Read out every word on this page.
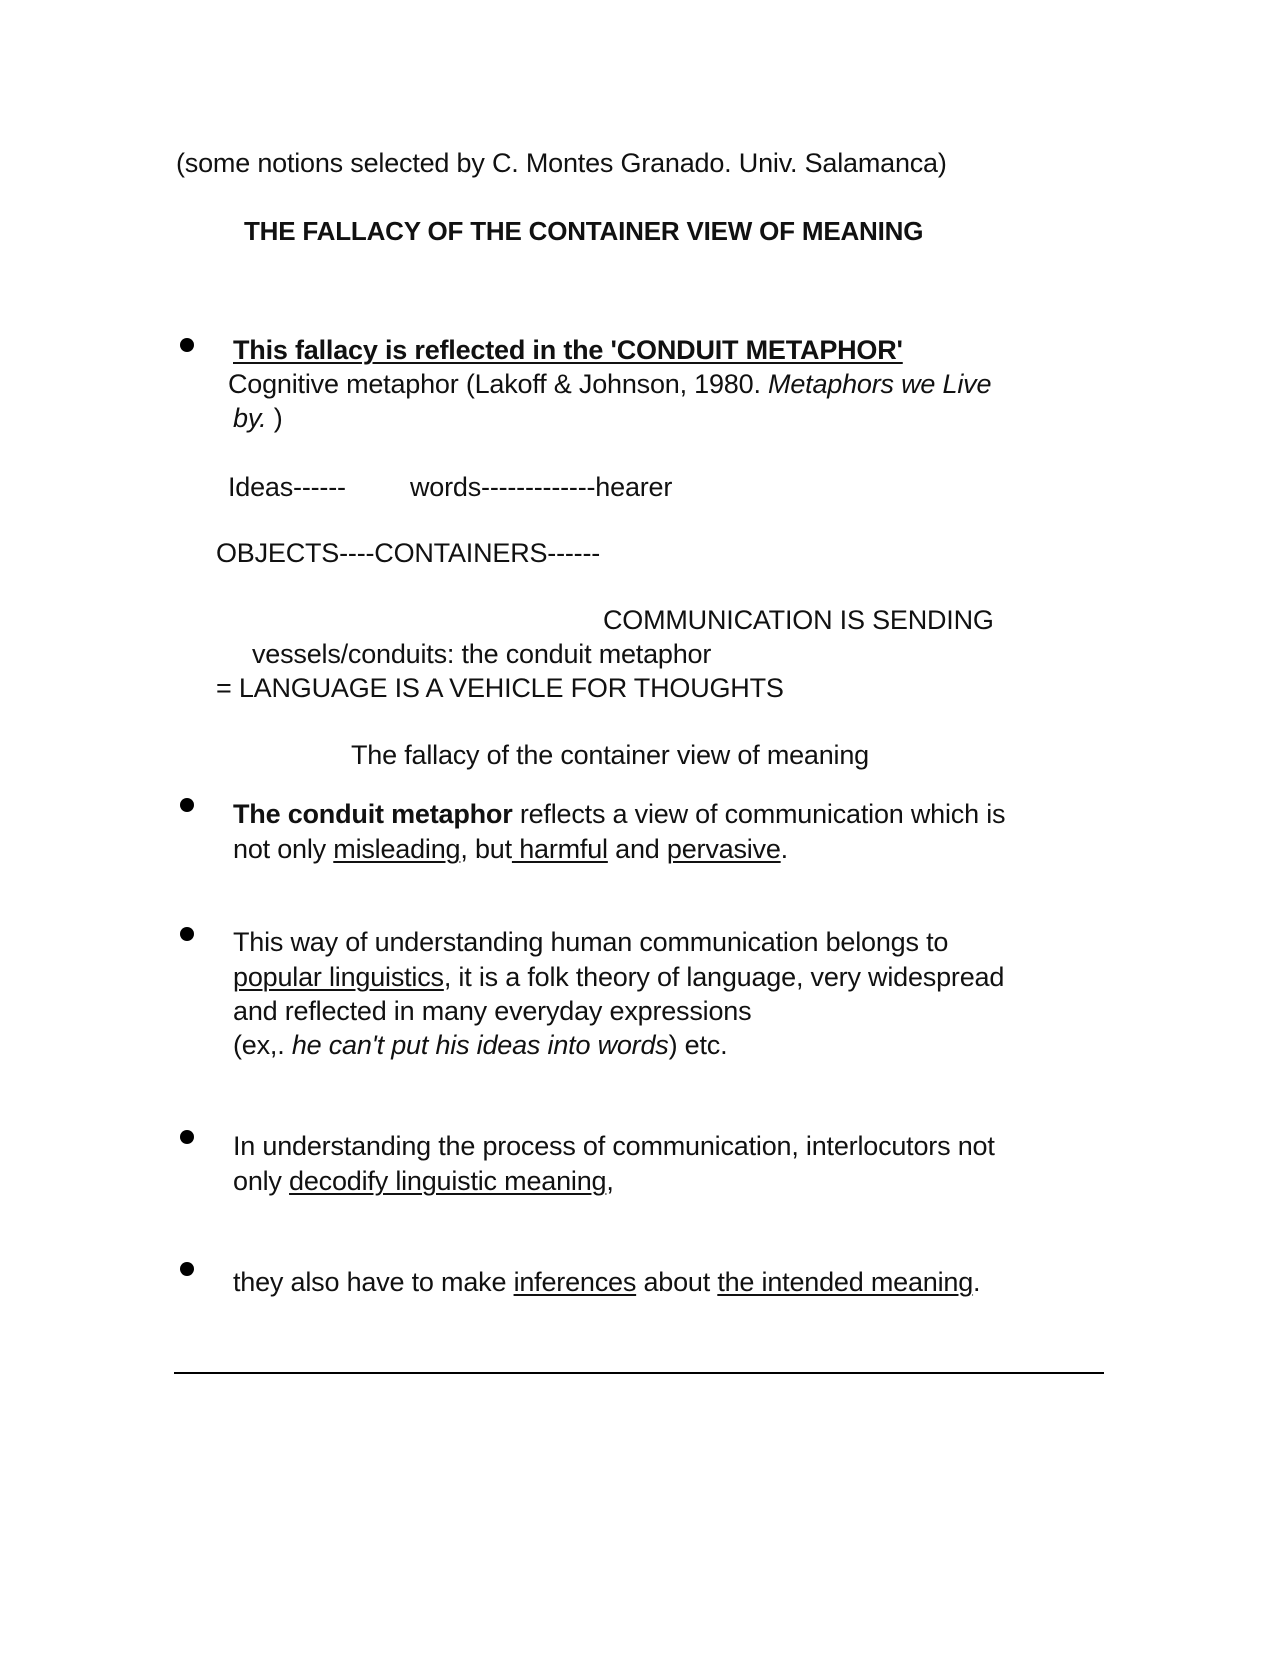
(some notions selected by C. Montes Granado. Univ. Salamanca)
THE FALLACY OF THE CONTAINER VIEW OF MEANING
This fallacy is reflected in the 'CONDUIT METAPHOR'
Cognitive metaphor (Lakoff & Johnson, 1980. Metaphors we Live
by. )
Ideas------ words-------------hearer
OBJECTS----CONTAINERS------
COMMUNICATION IS SENDING
vessels/conduits: the conduit metaphor
= LANGUAGE IS A VEHICLE FOR THOUGHTS
The fallacy of the container view of meaning
The conduit metaphor reflects a view of communication which is
not only misleading, but harmful and pervasive.
This way of understanding human communication belongs to
popular linguistics, it is a folk theory of language, very widespread
and reflected in many everyday expressions
(ex,. he can't put his ideas into words) etc.
In understanding the process of communication, interlocutors not
only decodify linguistic meaning,
they also have to make inferences about the intended meaning.
